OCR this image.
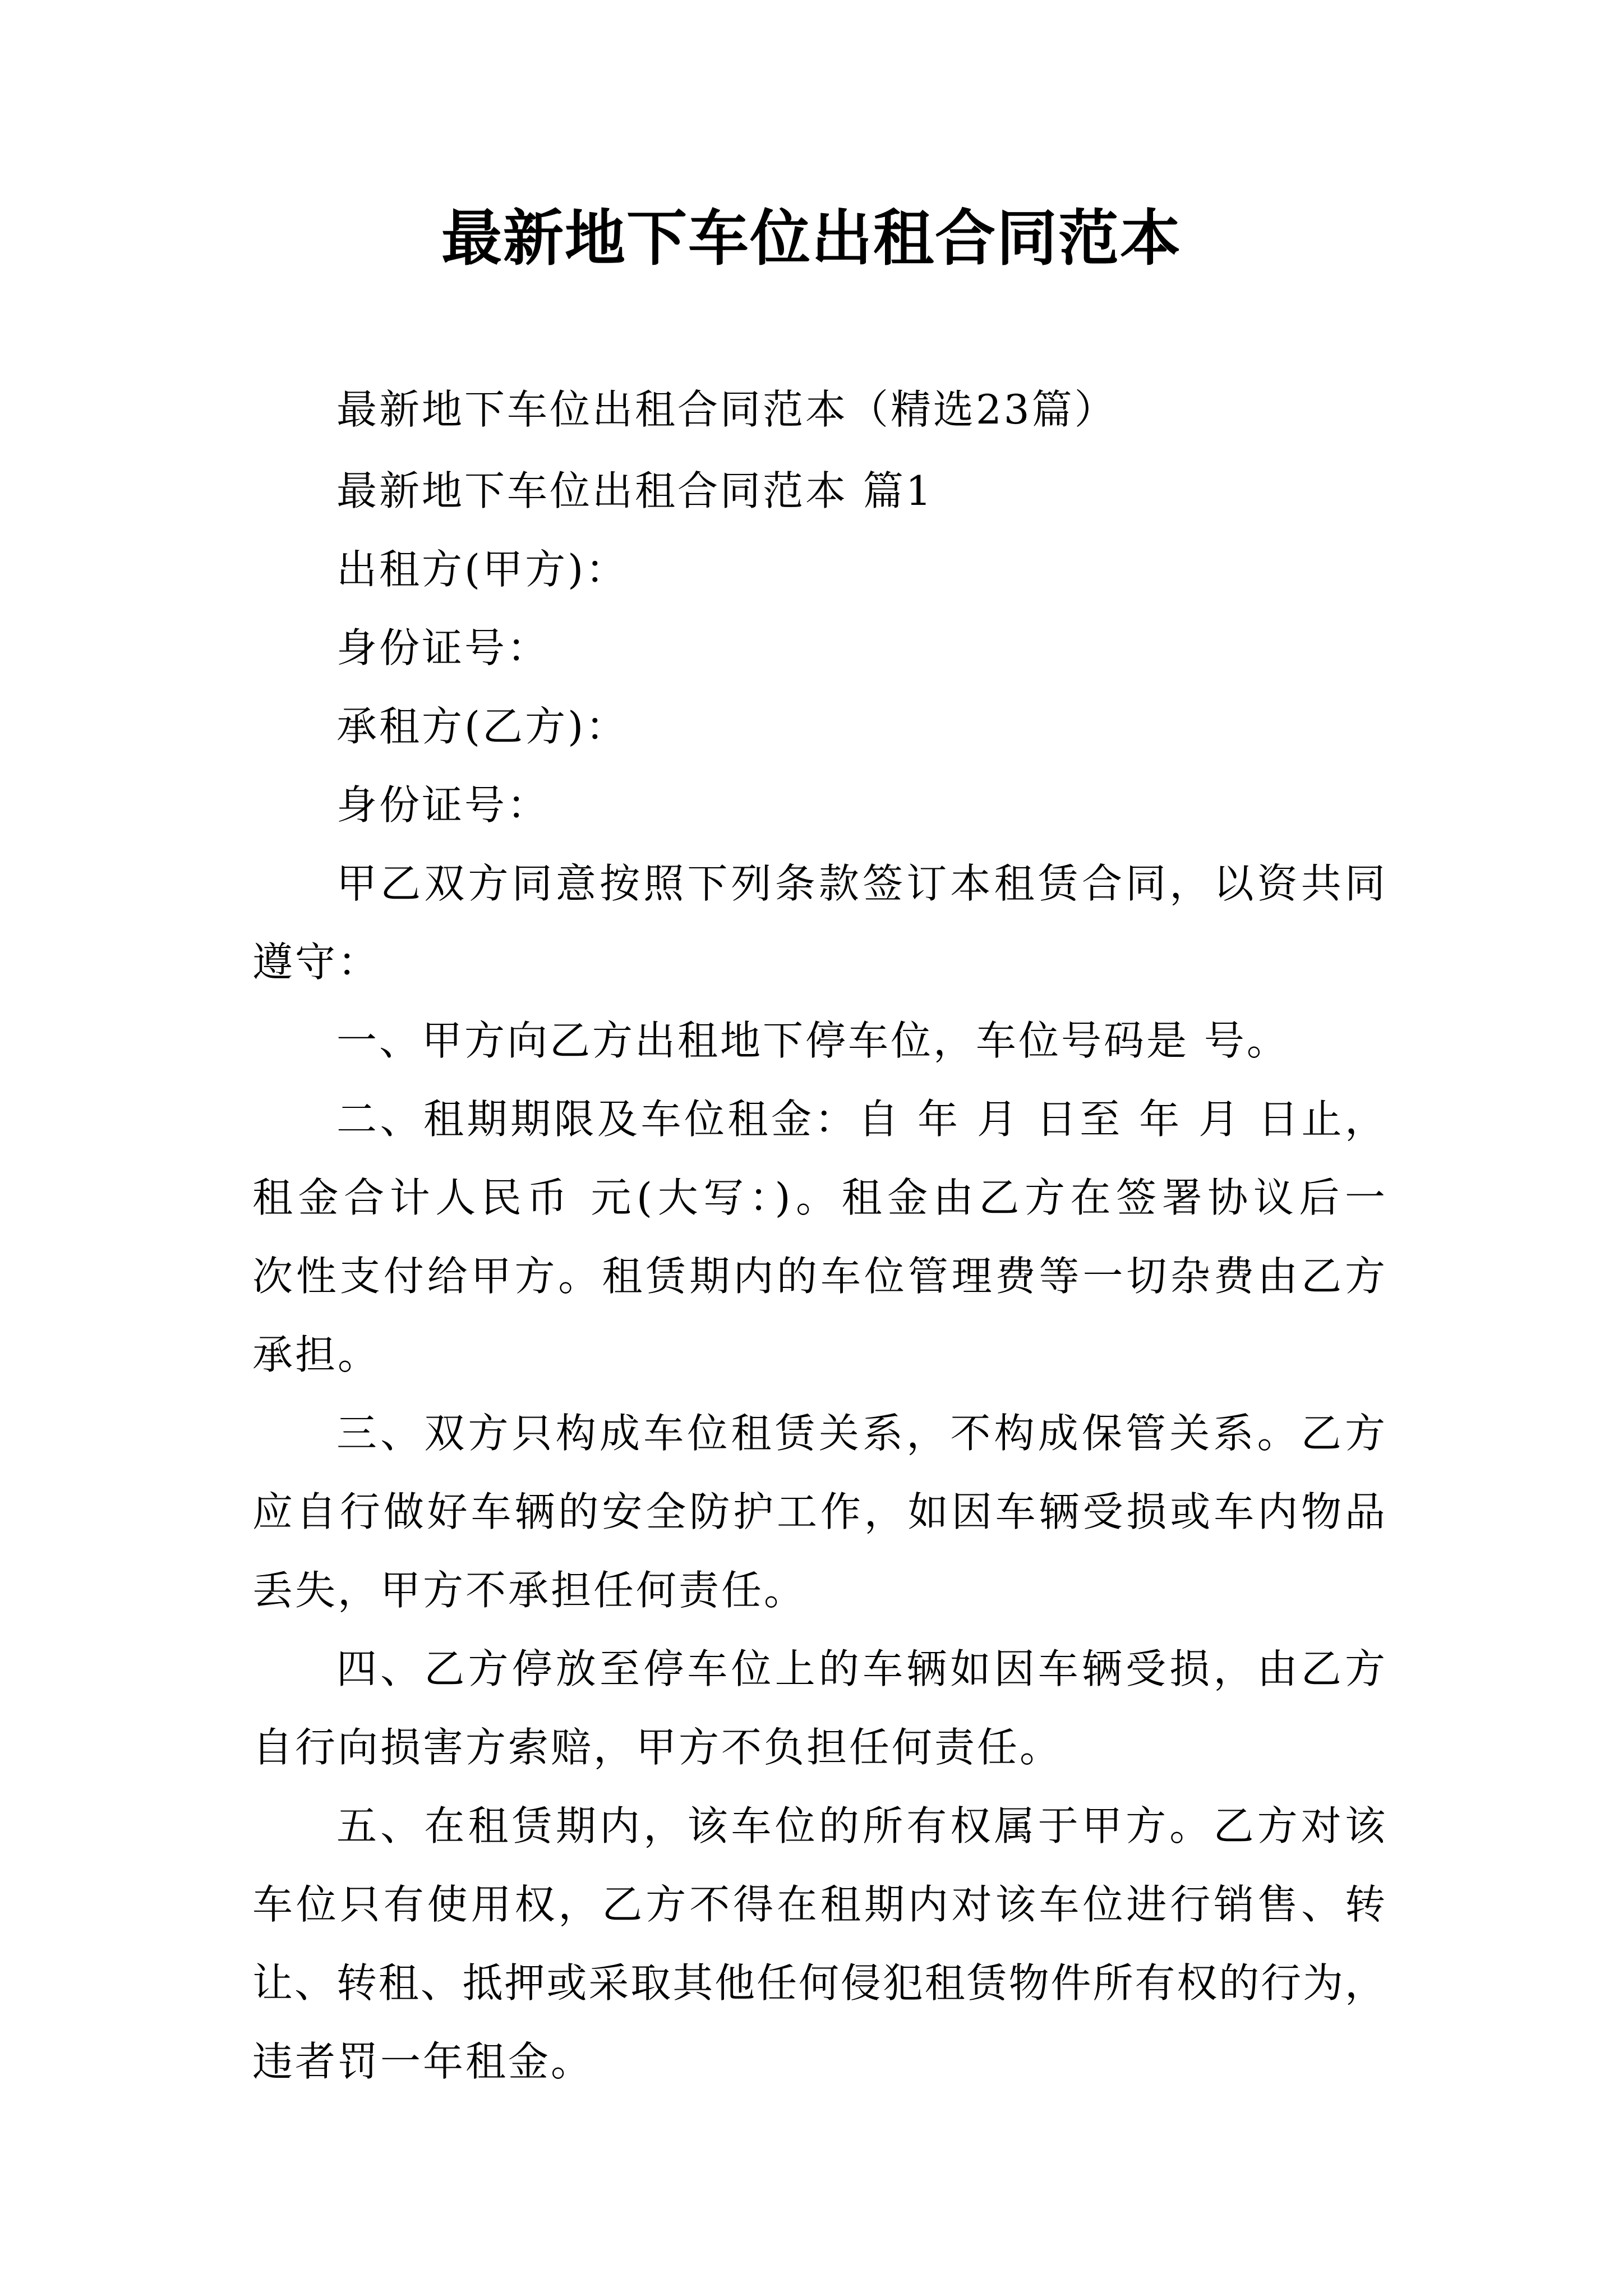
最新地下车位出租合同范本
最新地下车位出租合同范本（精选23篇）
最新地下车位出租合同范本 篇1
出租方(甲方)：
身份证号：
承租方(乙方)：
身份证号：
甲乙双方同意按照下列条款签订本租赁合同，以资共同
遵守：
一、甲方向乙方出租地下停车位，车位号码是 号。
二、租期期限及车位租金：自 年 月 日至 年 月 日止，
租金合计人民币 元(大写：)。租金由乙方在签署协议后一
次性支付给甲方。租赁期内的车位管理费等一切杂费由乙方
承担。
三、双方只构成车位租赁关系，不构成保管关系。乙方
应自行做好车辆的安全防护工作，如因车辆受损或车内物品
丢失，甲方不承担任何责任。
四、乙方停放至停车位上的车辆如因车辆受损，由乙方
自行向损害方索赔，甲方不负担任何责任。
五、在租赁期内，该车位的所有权属于甲方。乙方对该
车位只有使用权，乙方不得在租期内对该车位进行销售、转
让、转租、抵押或采取其他任何侵犯租赁物件所有权的行为，
违者罚一年租金。
